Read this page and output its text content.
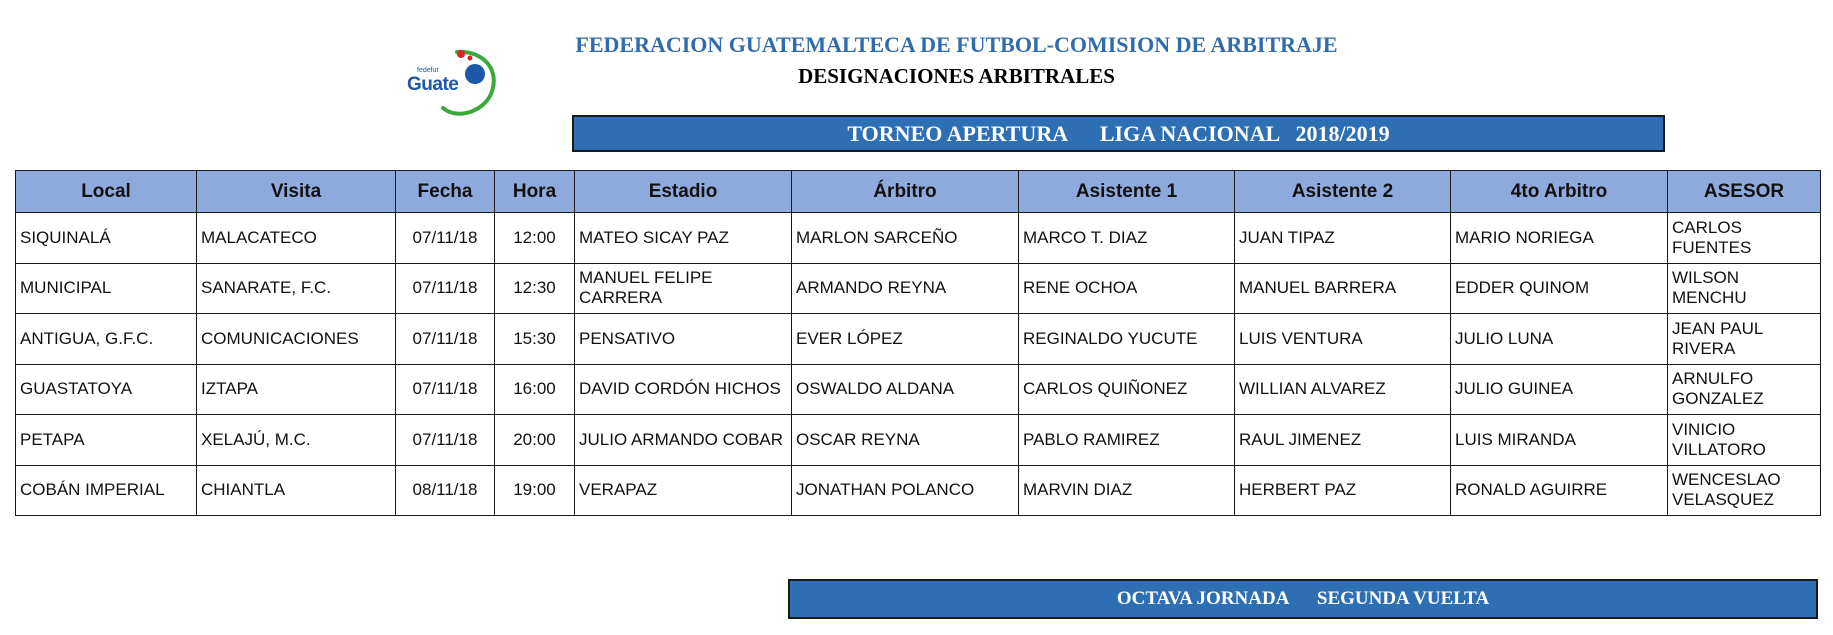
fedefut
Guate
FEDERACION GUATEMALTECA DE FUTBOL-COMISION DE ARBITRAJE
DESIGNACIONES ARBITRALES
TORNEO APERTURA      LIGA NACIONAL   2018/2019
Local	Visita	Fecha	Hora	Estadio	Árbitro	Asistente 1	Asistente 2	4to Arbitro	ASESOR
SIQUINALÁ	MALACATECO	07/11/18	12:00	MATEO SICAY PAZ	MARLON SARCEÑO	MARCO T. DIAZ	JUAN TIPAZ	MARIO NORIEGA	CARLOS FUENTES
MUNICIPAL	SANARATE, F.C.	07/11/18	12:30	MANUEL FELIPE CARRERA	ARMANDO REYNA	RENE OCHOA	MANUEL BARRERA	EDDER QUINOM	WILSON MENCHU
ANTIGUA, G.F.C.	COMUNICACIONES	07/11/18	15:30	PENSATIVO	EVER LÓPEZ	REGINALDO YUCUTE	LUIS VENTURA	JULIO LUNA	JEAN PAUL RIVERA
GUASTATOYA	IZTAPA	07/11/18	16:00	DAVID CORDÓN HICHOS	OSWALDO ALDANA	CARLOS QUIÑONEZ	WILLIAN ALVAREZ	JULIO GUINEA	ARNULFO GONZALEZ
PETAPA	XELAJÚ, M.C.	07/11/18	20:00	JULIO ARMANDO COBAR	OSCAR REYNA	PABLO RAMIREZ	RAUL JIMENEZ	LUIS MIRANDA	VINICIO VILLATORO
COBÁN IMPERIAL	CHIANTLA	08/11/18	19:00	VERAPAZ	JONATHAN POLANCO	MARVIN DIAZ	HERBERT PAZ	RONALD AGUIRRE	WENCESLAO VELASQUEZ
OCTAVA JORNADA      SEGUNDA VUELTA
